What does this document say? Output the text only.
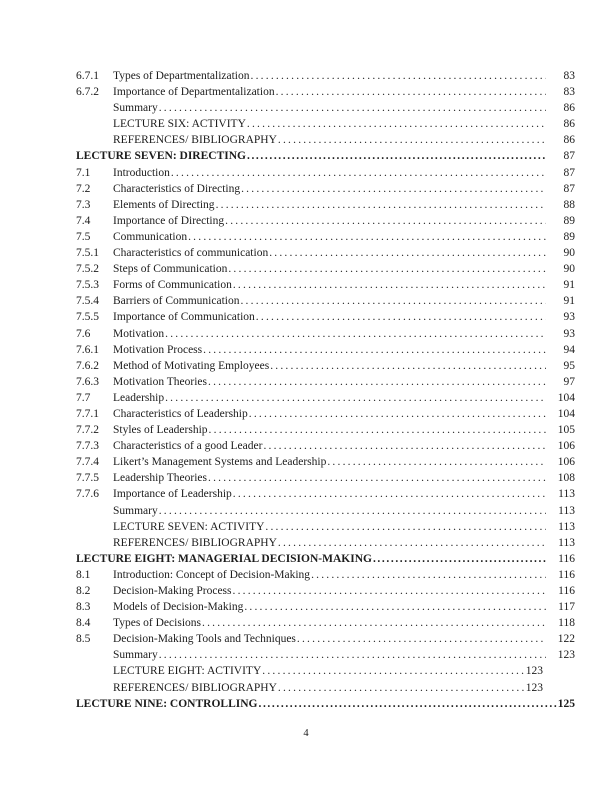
6.7.1	Types of Departmentalization .....	83
6.7.2	Importance of Departmentalization .....	83
Summary .....	86
LECTURE SIX: ACTIVITY .....	86
REFERENCES/ BIBLIOGRAPHY .....	86
LECTURE SEVEN: DIRECTING .....	87
7.1	Introduction .....	87
7.2	Characteristics of Directing .....	87
7.3	Elements of Directing .....	88
7.4	Importance of Directing .....	89
7.5	Communication .....	89
7.5.1	Characteristics of communication .....	90
7.5.2	Steps of Communication .....	90
7.5.3	Forms of Communication .....	91
7.5.4	Barriers of Communication .....	91
7.5.5	Importance of Communication .....	93
7.6	Motivation .....	93
7.6.1	Motivation Process .....	94
7.6.2	Method of Motivating Employees .....	95
7.6.3	Motivation Theories .....	97
7.7	Leadership .....	104
7.7.1	Characteristics of Leadership .....	104
7.7.2	Styles of Leadership .....	105
7.7.3	Characteristics of a good Leader .....	106
7.7.4	Likert’s Management Systems and Leadership .....	106
7.7.5	Leadership Theories .....	108
7.7.6	Importance of Leadership .....	113
Summary .....	113
LECTURE SEVEN: ACTIVITY .....	113
REFERENCES/ BIBLIOGRAPHY .....	113
LECTURE EIGHT: MANAGERIAL DECISION-MAKING .....	116
8.1	Introduction: Concept of Decision-Making .....	116
8.2	Decision-Making Process .....	116
8.3	Models of Decision-Making .....	117
8.4	Types of Decisions .....	118
8.5	Decision-Making Tools and Techniques .....	122
Summary .....	123
LECTURE EIGHT: ACTIVITY .....	123
REFERENCES/ BIBLIOGRAPHY .....	123
LECTURE NINE: CONTROLLING .....	125
4
